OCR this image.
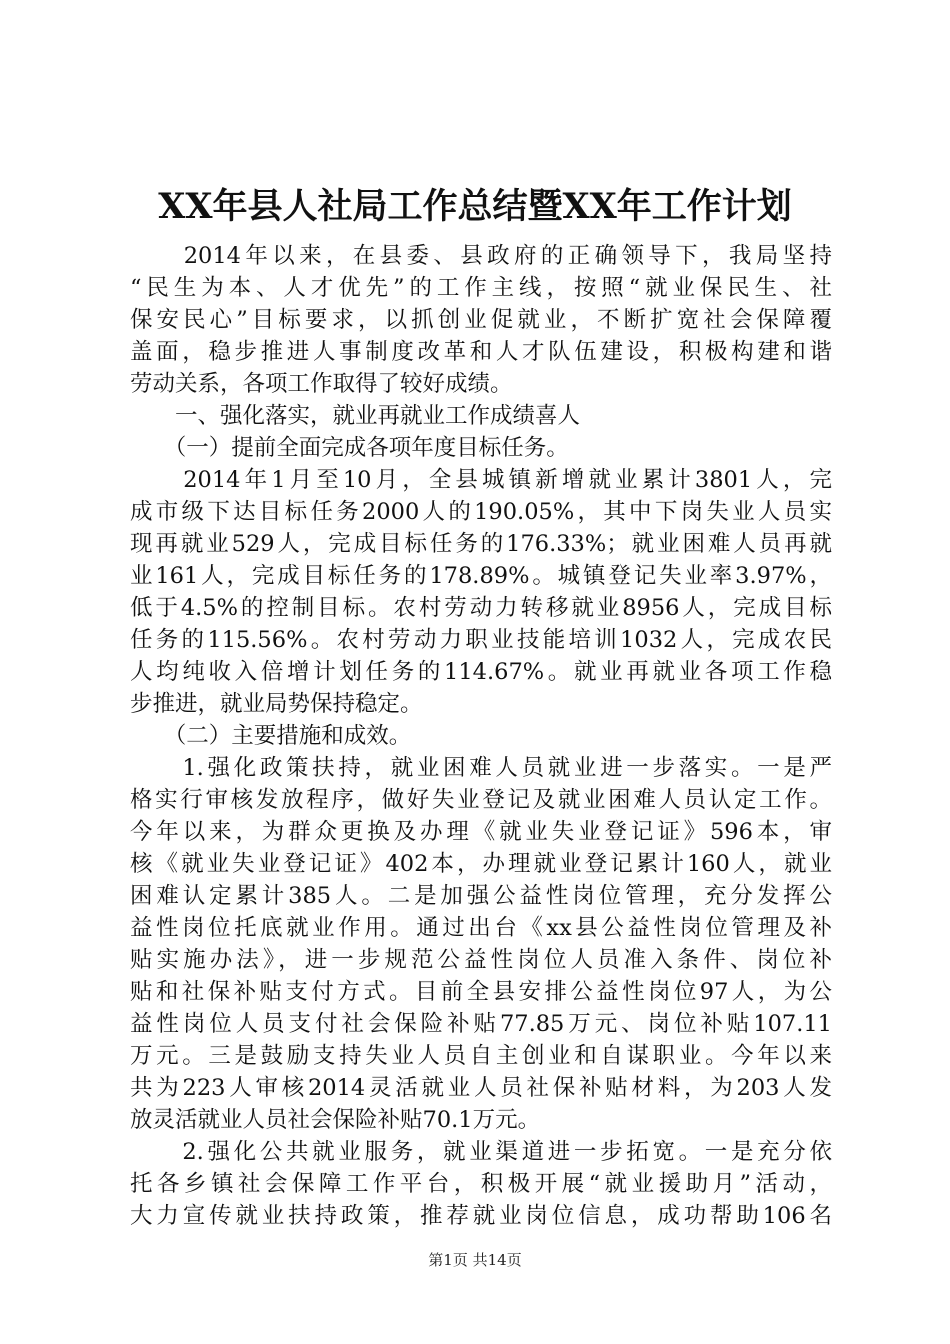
XX年县人社局工作总结暨XX年工作计划
　　2014年以来，在县委、县政府的正确领导下，我局坚持
“民生为本、人才优先”的工作主线，按照“就业保民生、社
保安民心”目标要求，以抓创业促就业，不断扩宽社会保障覆
盖面，稳步推进人事制度改革和人才队伍建设，积极构建和谐
劳动关系，各项工作取得了较好成绩。
　　一、强化落实，就业再就业工作成绩喜人
　　（一）提前全面完成各项年度目标任务。
　　2014年1月至10月，全县城镇新增就业累计3801人，完
成市级下达目标任务2000人的190.05%，其中下岗失业人员实
现再就业529人，完成目标任务的176.33%；就业困难人员再就
业161人，完成目标任务的178.89%。城镇登记失业率3.97%，
低于4.5%的控制目标。农村劳动力转移就业8956人，完成目标
任务的115.56%。农村劳动力职业技能培训1032人，完成农民
人均纯收入倍增计划任务的114.67%。就业再就业各项工作稳
步推进，就业局势保持稳定。
　　（二）主要措施和成效。
　　1.强化政策扶持，就业困难人员就业进一步落实。一是严
格实行审核发放程序，做好失业登记及就业困难人员认定工作。
今年以来，为群众更换及办理《就业失业登记证》596本，审
核《就业失业登记证》402本，办理就业登记累计160人，就业
困难认定累计385人。二是加强公益性岗位管理，充分发挥公
益性岗位托底就业作用。通过出台《xx县公益性岗位管理及补
贴实施办法》，进一步规范公益性岗位人员准入条件、岗位补
贴和社保补贴支付方式。目前全县安排公益性岗位97人，为公
益性岗位人员支付社会保险补贴77.85万元、岗位补贴107.11
万元。三是鼓励支持失业人员自主创业和自谋职业。今年以来
共为223人审核2014灵活就业人员社保补贴材料，为203人发
放灵活就业人员社会保险补贴70.1万元。
　　2.强化公共就业服务，就业渠道进一步拓宽。一是充分依
托各乡镇社会保障工作平台，积极开展“就业援助月”活动，
大力宣传就业扶持政策，推荐就业岗位信息，成功帮助106名
第1页 共14页
